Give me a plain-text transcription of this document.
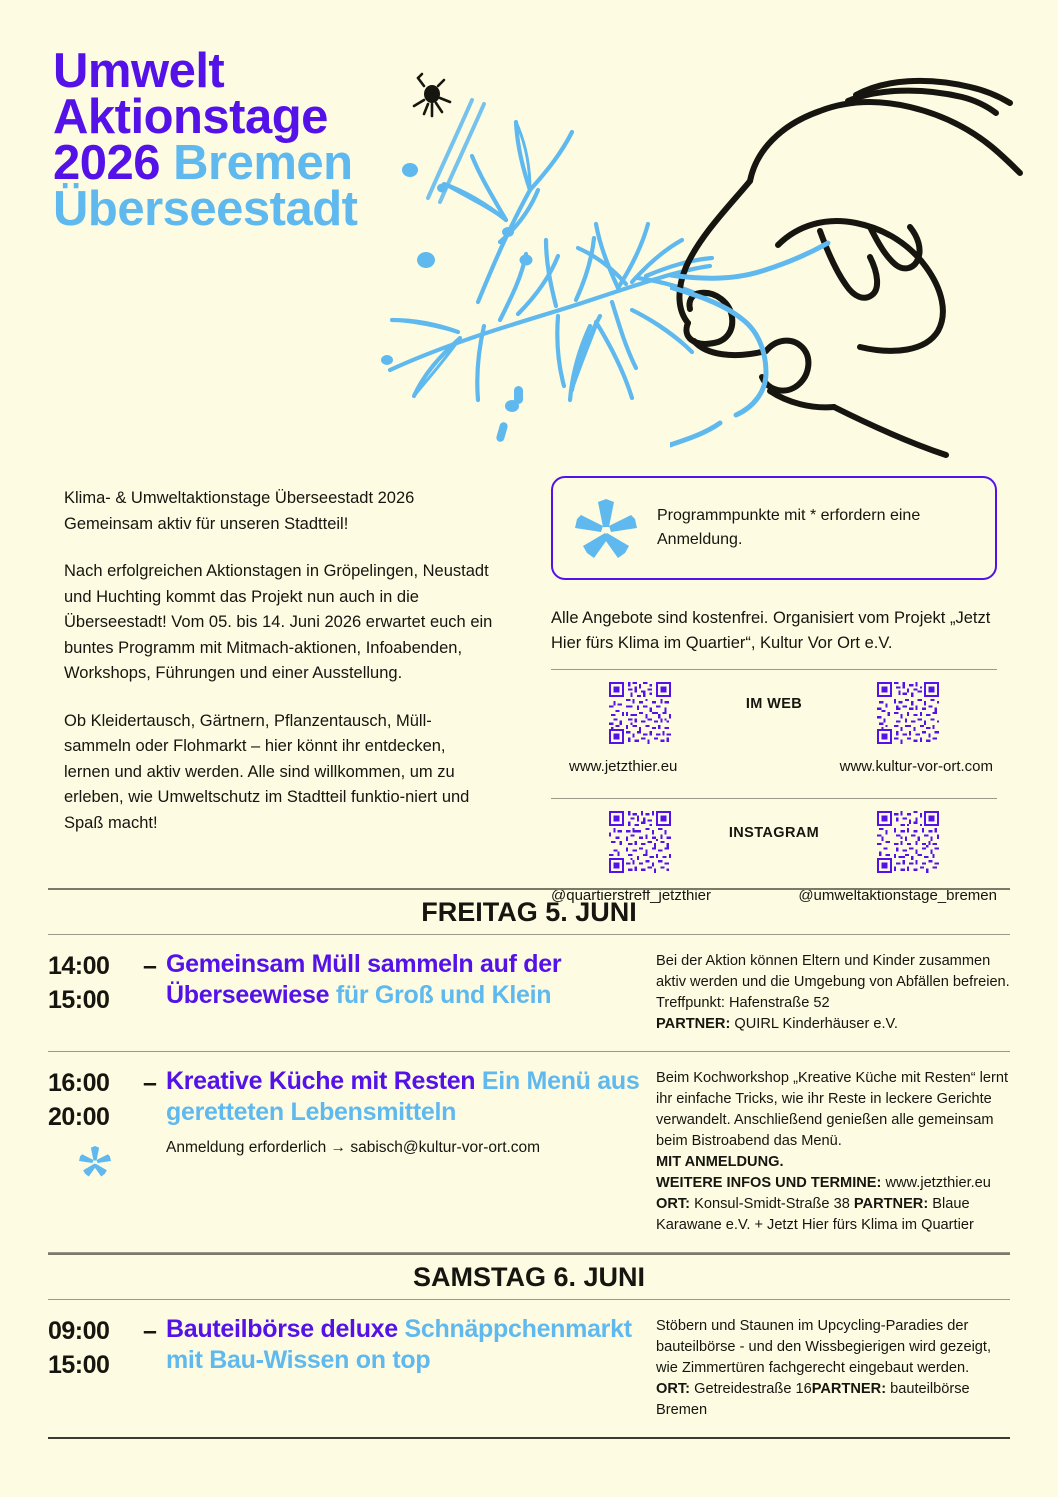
Umwelt
Aktionstage
2026 Bremen
Überseestadt

Klima- & Umweltaktionstage Überseestadt 2026 Gemeinsam aktiv für unseren Stadtteil!

Nach erfolgreichen Aktionstagen in Gröpelingen, Neustadt und Huchting kommt das Projekt nun auch in die Überseestadt! Vom 05. bis 14. Juni 2026 erwartet euch ein buntes Programm mit Mitmach-aktionen, Infoabenden, Workshops, Führungen und einer Ausstellung.

Ob Kleidertausch, Gärtnern, Pflanzentausch, Müll-sammeln oder Flohmarkt – hier könnt ihr entdecken, lernen und aktiv werden. Alle sind willkommen, um zu erleben, wie Umweltschutz im Stadtteil funktio-niert und Spaß macht!

Programmpunkte mit * erfordern eine Anmeldung.
Alle Angebote sind kostenfrei. Organisiert vom Projekt „Jetzt Hier fürs Klima im Quartier“, Kultur Vor Ort e.V.
IM WEB
www.jetzthier.eu	www.kultur-vor-ort.com
INSTAGRAM
@quartierstreff_jetzthier	@umweltaktionstage_bremen
FREITAG 5. JUNI
14:00	–
15:00
Gemeinsam Müll sammeln auf der Überseewiese für Groß und Klein
Bei der Aktion können Eltern und Kinder zusammen aktiv werden und die Umgebung von Abfällen befreien. Treffpunkt: Hafenstraße 52
PARTNER: QUIRL Kinderhäuser e.V.
16:00	–
20:00
Kreative Küche mit Resten Ein Menü aus geretteten Lebensmitteln
Anmeldung erforderlich → sabisch@kultur-vor-ort.com
Beim Kochworkshop „Kreative Küche mit Resten“ lernt ihr einfache Tricks, wie ihr Reste in leckere Gerichte verwandelt. Anschließend genießen alle gemeinsam beim Bistroabend das Menü.
MIT ANMELDUNG.
WEITERE INFOS UND TERMINE: www.jetzthier.eu
ORT: Konsul-Smidt-Straße 38 PARTNER: Blaue Karawane e.V. + Jetzt Hier fürs Klima im Quartier
SAMSTAG 6. JUNI
09:00	–
15:00
Bauteilbörse deluxe Schnäppchenmarkt mit Bau-Wissen on top
Stöbern und Staunen im Upcycling-Paradies der bauteilbörse - und den Wissbegierigen wird gezeigt, wie Zimmertüren fachgerecht eingebaut werden.
ORT: Getreidestraße 16PARTNER: bauteilbörse Bremen
